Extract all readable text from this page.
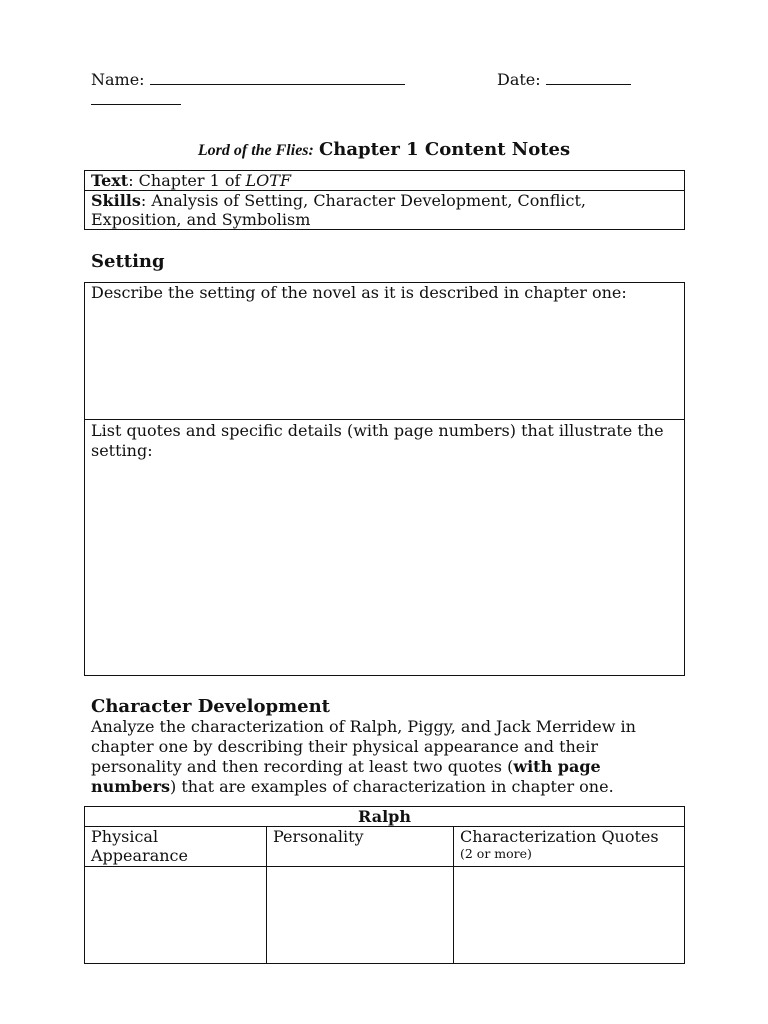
Name:	Date:
Lord of the Flies: Chapter 1 Content Notes
Text: Chapter 1 of LOTF
Skills: Analysis of Setting, Character Development, Conflict, Exposition, and Symbolism
Setting
Describe the setting of the novel as it is described in chapter one:
List quotes and specific details (with page numbers) that illustrate the setting:
Character Development
Analyze the characterization of Ralph, Piggy, and Jack Merridew in chapter one by describing their physical appearance and their personality and then recording at least two quotes (with page numbers) that are examples of characterization in chapter one.
Ralph		
Physical Appearance	Personality	Characterization Quotes
(2 or more)
